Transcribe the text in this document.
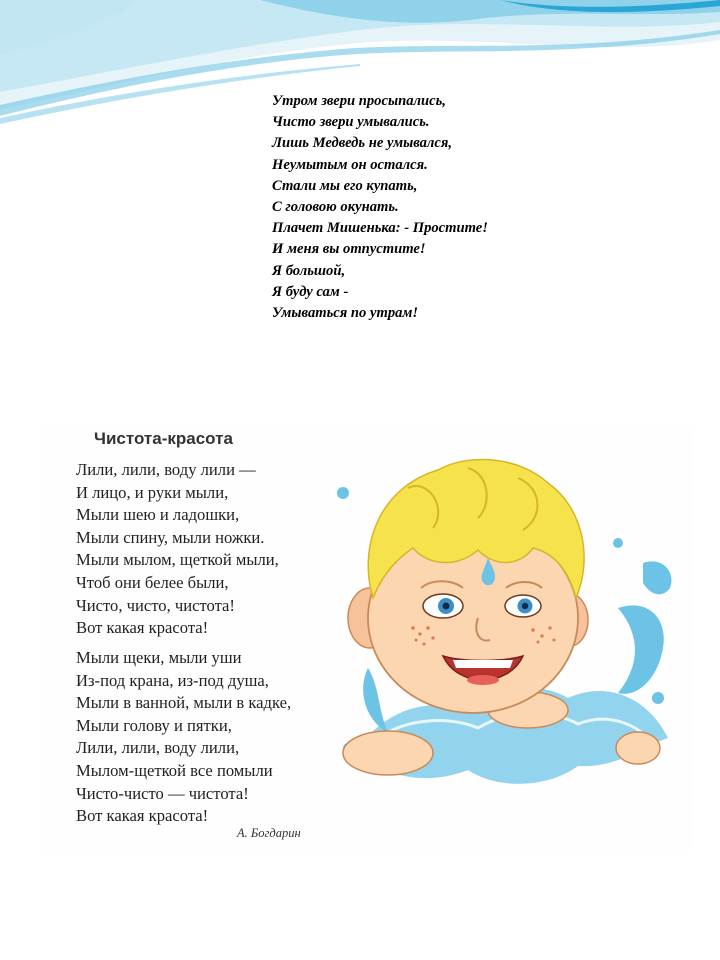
Утром звери просыпались,
Чисто звери умывались.
Лишь Медведь не умывался,
Неумытым он остался.
Стали мы его купать,
С головою окунать.
Плачет Мишенька: - Простите!
И меня вы отпустите!
Я большой,
Я буду сам -
Умываться по утрам!
Чистота-красота
Лили, лили, воду лили —
И лицо, и руки мыли,
Мыли шею и ладошки,
Мыли спину, мыли ножки.
Мыли мылом, щеткой мыли,
Чтоб они белее были,
Чисто, чисто, чистота!
Вот какая красота!
Мыли щеки, мыли уши
Из-под крана, из-под душа,
Мыли в ванной, мыли в кадке,
Мыли голову и пятки,
Лили, лили, воду лили,
Мылом-щеткой все помыли
Чисто-чисто — чистота!
Вот какая красота!

А. Богдарин
